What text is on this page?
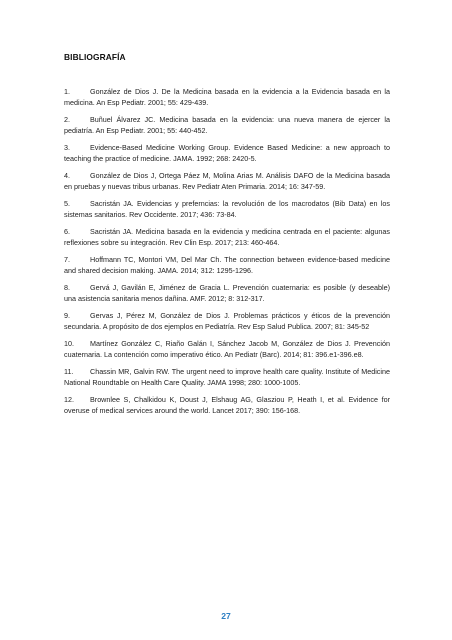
BIBLIOGRAFÍA
1.	González de Dios J. De la Medicina basada en la evidencia a la Evidencia basada en la medicina. An Esp Pediatr. 2001; 55: 429-439.
2.	Buñuel Álvarez JC. Medicina basada en la evidencia: una nueva manera de ejercer la pediatría. An Esp Pediatr. 2001; 55: 440-452.
3.	Evidence-Based Medicine Working Group. Evidence Based Medicine: a new approach to teaching the practice of medicine. JAMA. 1992; 268: 2420-5.
4.	González de Dios J, Ortega Páez M, Molina Arias M. Análisis DAFO de la Medicina basada en pruebas y nuevas tribus urbanas. Rev Pediatr Aten Primaria. 2014; 16: 347-59.
5.	Sacristán JA. Evidencias y preferncias: la revolución de los macrodatos (Bib Data) en los sistemas sanitarios. Rev Occidente. 2017; 436: 73-84.
6.	Sacristán JA. Medicina basada en la evidencia y medicina centrada en el paciente: algunas reflexiones sobre su integración. Rev Clin Esp. 2017; 213: 460-464.
7.	Hoffmann TC, Montori VM, Del Mar Ch. The connection between evidence-based medicine and shared decision making. JAMA. 2014; 312: 1295-1296.
8.	Gervá J, Gavilán E, Jiménez de Gracia L. Prevención cuaternaria: es posible (y deseable) una asistencia sanitaria menos dañina. AMF. 2012; 8: 312-317.
9.	Gervas J, Pérez M, González de Dios J. Problemas prácticos y éticos de la prevención secundaria. A propósito de dos ejemplos en Pediatría. Rev Esp Salud Publica. 2007; 81: 345-52
10. Martínez González C, Riaño Galán I, Sánchez Jacob M, González de Dios J. Prevención cuaternaria. La contención como imperativo ético. An Pediatr (Barc). 2014; 81: 396.e1-396.e8.
11. Chassin MR, Galvin RW. The urgent need to improve health care quality. Institute of Medicine National Roundtable on Health Care Quality. JAMA 1998; 280: 1000-1005.
12. Brownlee S, Chalkidou K, Doust J, Elshaug AG, Glasziou P, Heath I, et al. Evidence for overuse of medical services around the world. Lancet 2017; 390: 156-168.
27
